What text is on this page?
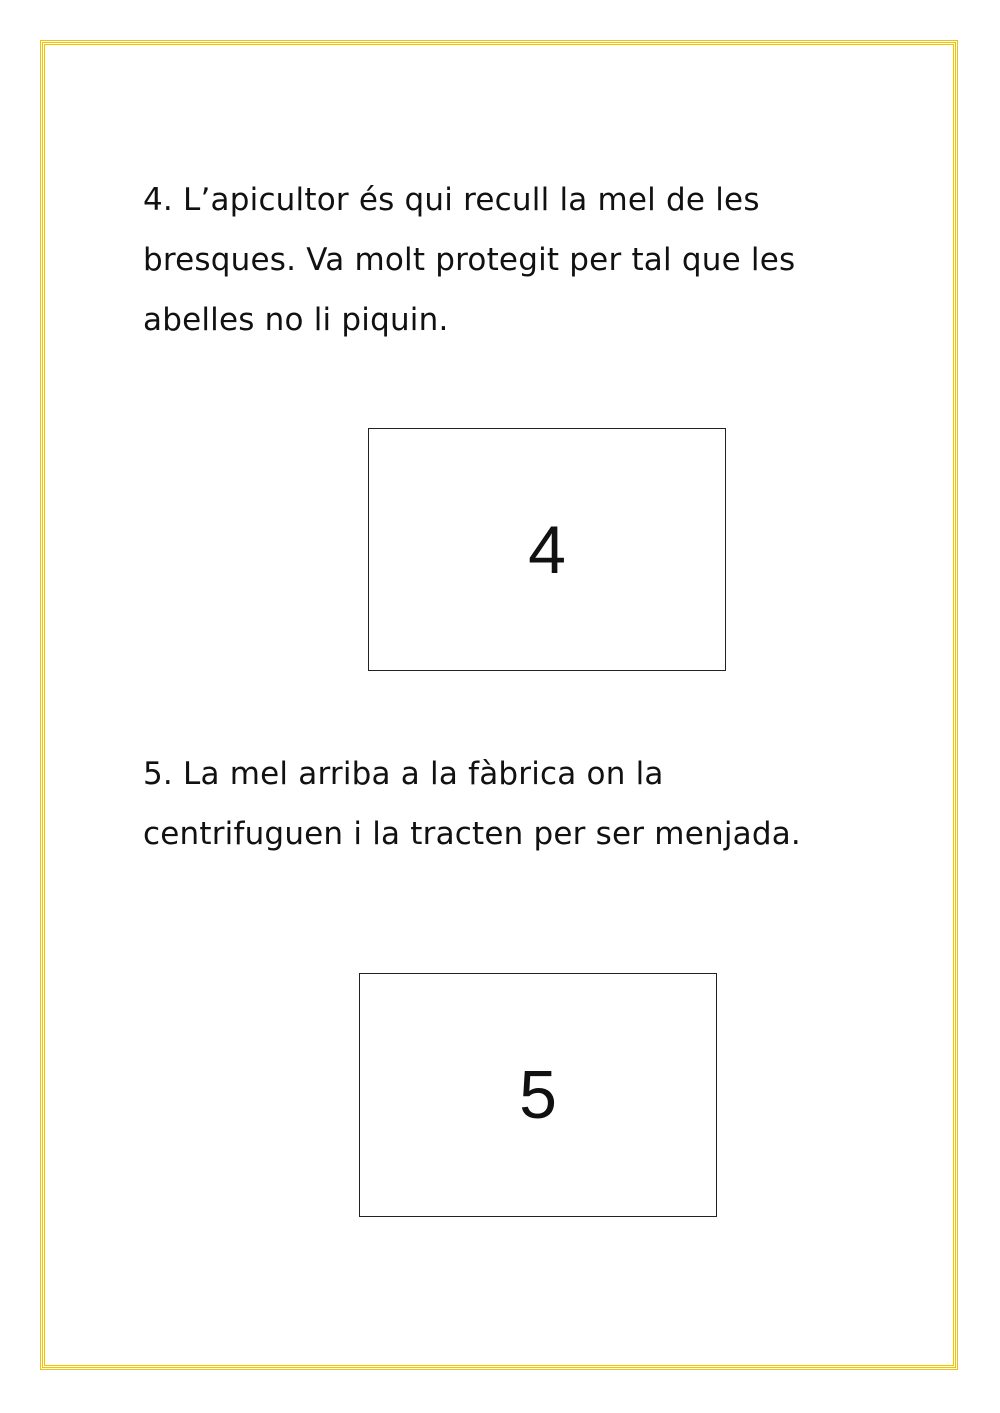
4. L’apicultor és qui recull la mel de les
bresques. Va molt protegit per tal que les
abelles no li piquin.

4

5. La mel arriba a la fàbrica on la
centrifuguen i la tracten per ser menjada.

5
